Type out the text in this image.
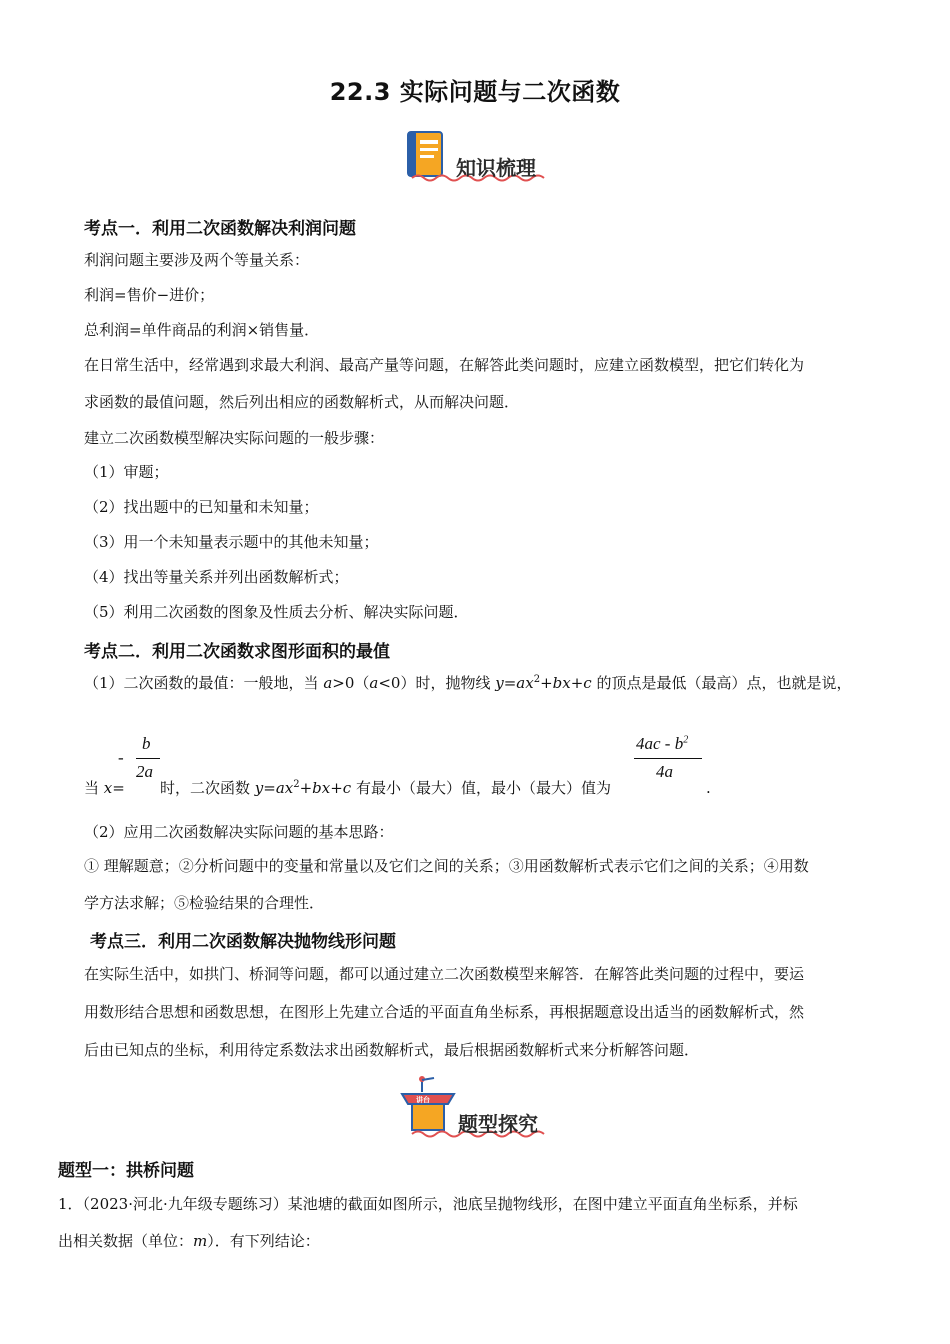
22.3 实际问题与二次函数
知识梳理
考点一．利用二次函数解决利润问题
利润问题主要涉及两个等量关系：
利润=售价−进价；
总利润=单件商品的利润×销售量．
在日常生活中，经常遇到求最大利润、最高产量等问题，在解答此类问题时，应建立函数模型，把它们转化为
求函数的最值问题，然后列出相应的函数解析式，从而解决问题．
建立二次函数模型解决实际问题的一般步骤：
（1）审题；
（2）找出题中的已知量和未知量；
（3）用一个未知量表示题中的其他未知量；
（4）找出等量关系并列出函数解析式；
（5）利用二次函数的图象及性质去分析、解决实际问题．
考点二．利用二次函数求图形面积的最值
（1）二次函数的最值：一般地，当 a>0（a<0）时，抛物线 $y=ax^2+bx+c$ 的顶点是最低（最高）点，也就是说，
-
b
2a
$4ac - b^2$
4a
当 x= 时，二次函数 $y=ax^2+bx+c$ 有最小（最大）值，最小（最大）值为	.
（2）应用二次函数解决实际问题的基本思路：
① 理解题意；②分析问题中的变量和常量以及它们之间的关系；③用函数解析式表示它们之间的关系；④用数
学方法求解；⑤检验结果的合理性．
考点三．利用二次函数解决抛物线形问题
在实际生活中，如拱门、桥洞等问题，都可以通过建立二次函数模型来解答．在解答此类问题的过程中，要运
用数形结合思想和函数思想，在图形上先建立合适的平面直角坐标系，再根据题意设出适当的函数解析式，然
后由已知点的坐标，利用待定系数法求出函数解析式，最后根据函数解析式来分析解答问题．
讲台
题型探究
题型一：拱桥问题
1．（2023·河北·九年级专题练习）某池塘的截面如图所示，池底呈抛物线形，在图中建立平面直角坐标系，并标
出相关数据（单位：m）．有下列结论：
